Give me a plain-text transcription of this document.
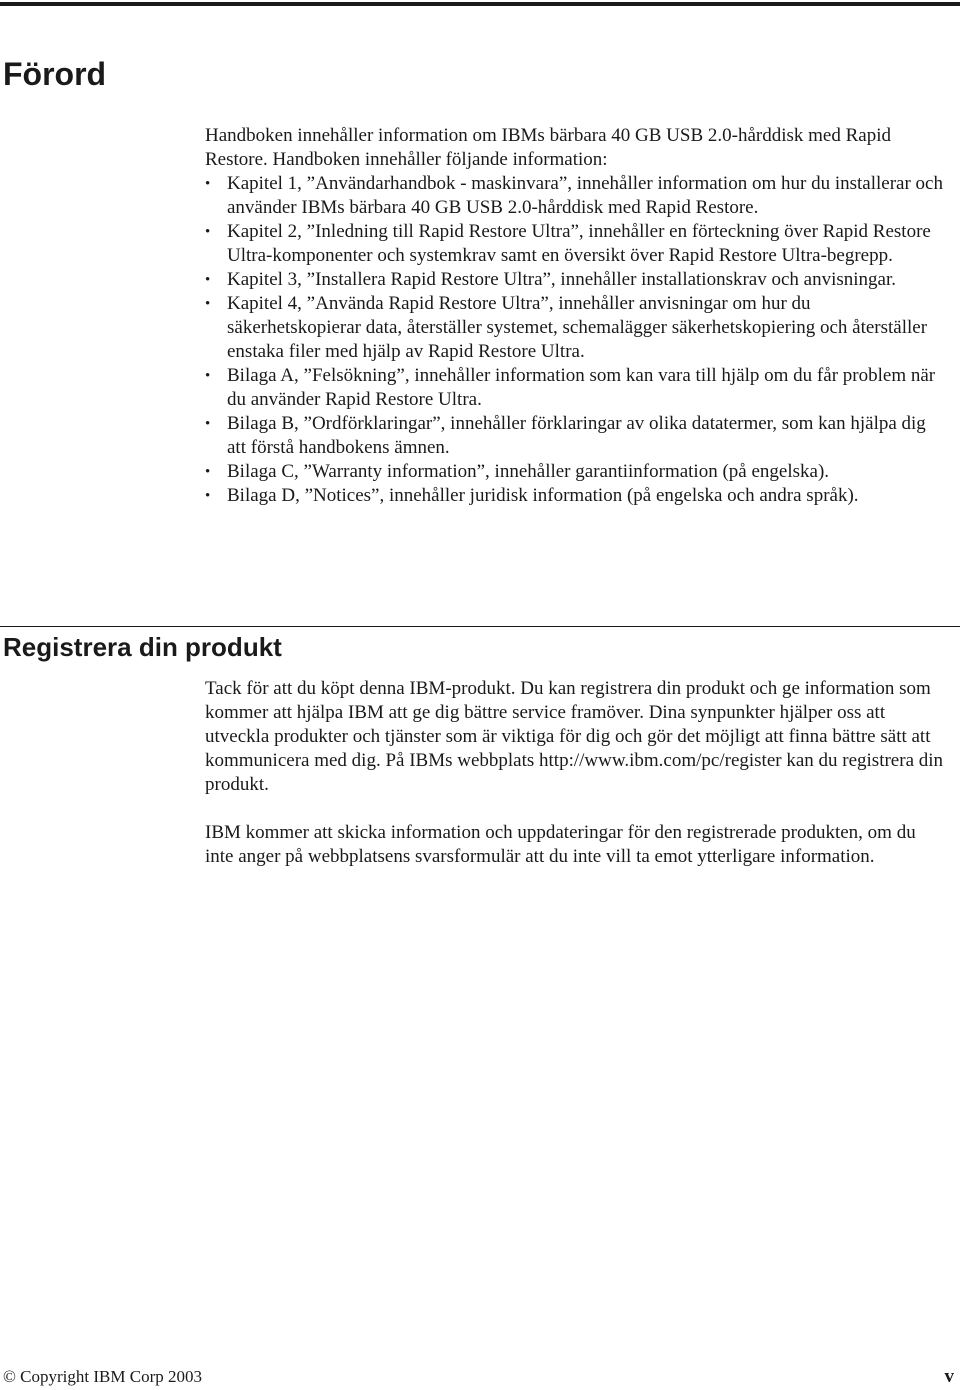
Förord

Handboken innehåller information om IBMs bärbara 40 GB USB 2.0-hårddisk med Rapid Restore. Handboken innehåller följande information:

• Kapitel 1, ”Användarhandbok - maskinvara”, innehåller information om hur du installerar och använder IBMs bärbara 40 GB USB 2.0-hårddisk med Rapid Restore.
• Kapitel 2, ”Inledning till Rapid Restore Ultra”, innehåller en förteckning över Rapid Restore Ultra-komponenter och systemkrav samt en översikt över Rapid Restore Ultra-begrepp.
• Kapitel 3, ”Installera Rapid Restore Ultra”, innehåller installationskrav och anvisningar.
• Kapitel 4, ”Använda Rapid Restore Ultra”, innehåller anvisningar om hur du säkerhetskopierar data, återställer systemet, schemalägger säkerhetskopiering och återställer enstaka filer med hjälp av Rapid Restore Ultra.
• Bilaga A, ”Felsökning”, innehåller information som kan vara till hjälp om du får problem när du använder Rapid Restore Ultra.
• Bilaga B, ”Ordförklaringar”, innehåller förklaringar av olika datatermer, som kan hjälpa dig att förstå handbokens ämnen.
• Bilaga C, ”Warranty information”, innehåller garantiinformation (på engelska).
• Bilaga D, ”Notices”, innehåller juridisk information (på engelska och andra språk).
Registrera din produkt

Tack för att du köpt denna IBM-produkt. Du kan registrera din produkt och ge information som kommer att hjälpa IBM att ge dig bättre service framöver. Dina synpunkter hjälper oss att utveckla produkter och tjänster som är viktiga för dig och gör det möjligt att finna bättre sätt att kommunicera med dig. På IBMs webbplats http://www.ibm.com/pc/register kan du registrera din produkt.

IBM kommer att skicka information och uppdateringar för den registrerade produkten, om du inte anger på webbplatsens svarsformulär att du inte vill ta emot ytterligare information.

© Copyright IBM Corp 2003	v
